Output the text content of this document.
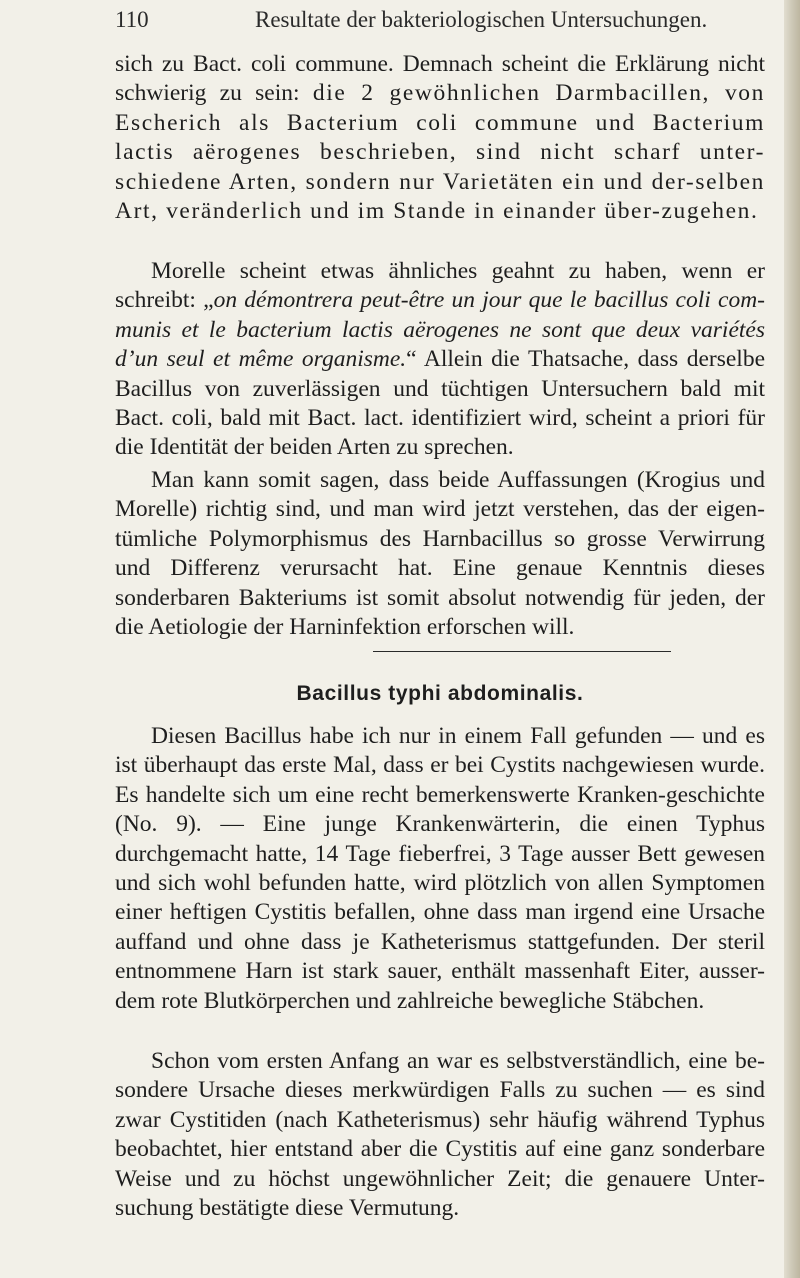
110	Resultate der bakteriologischen Untersuchungen.

sich zu Bact. coli commune. Demnach scheint die Erklärung nicht schwierig zu sein: die 2 gewöhnlichen Darmbacillen, von Escherich als Bacterium coli commune und Bacterium lactis aërogenes beschrieben, sind nicht scharf unter-schiedene Arten, sondern nur Varietäten ein und der-selben Art, veränderlich und im Stande in einander über-zugehen.

Morelle scheint etwas ähnliches geahnt zu haben, wenn er schreibt: „on démontrera peut-être un jour que le bacillus coli com-munis et le bacterium lactis aërogenes ne sont que deux variétés d’un seul et même organisme.“ Allein die Thatsache, dass derselbe Bacillus von zuverlässigen und tüchtigen Untersuchern bald mit Bact. coli, bald mit Bact. lact. identifiziert wird, scheint a priori für die Identität der beiden Arten zu sprechen.

Man kann somit sagen, dass beide Auffassungen (Krogius und Morelle) richtig sind, und man wird jetzt verstehen, das der eigen-tümliche Polymorphismus des Harnbacillus so grosse Verwirrung und Differenz verursacht hat. Eine genaue Kenntnis dieses sonderbaren Bakteriums ist somit absolut notwendig für jeden, der die Aetiologie der Harninfektion erforschen will.

Bacillus typhi abdominalis.

Diesen Bacillus habe ich nur in einem Fall gefunden — und es ist überhaupt das erste Mal, dass er bei Cystits nachgewiesen wurde. Es handelte sich um eine recht bemerkenswerte Kranken-geschichte (No. 9). — Eine junge Krankenwärterin, die einen Typhus durchgemacht hatte, 14 Tage fieberfrei, 3 Tage ausser Bett gewesen und sich wohl befunden hatte, wird plötzlich von allen Symptomen einer heftigen Cystitis befallen, ohne dass man irgend eine Ursache auffand und ohne dass je Katheterismus stattgefunden. Der steril entnommene Harn ist stark sauer, enthält massenhaft Eiter, ausser-dem rote Blutkörperchen und zahlreiche bewegliche Stäbchen.

Schon vom ersten Anfang an war es selbstverständlich, eine be-sondere Ursache dieses merkwürdigen Falls zu suchen — es sind zwar Cystitiden (nach Katheterismus) sehr häufig während Typhus beobachtet, hier entstand aber die Cystitis auf eine ganz sonderbare Weise und zu höchst ungewöhnlicher Zeit; die genauere Unter-suchung bestätigte diese Vermutung.
